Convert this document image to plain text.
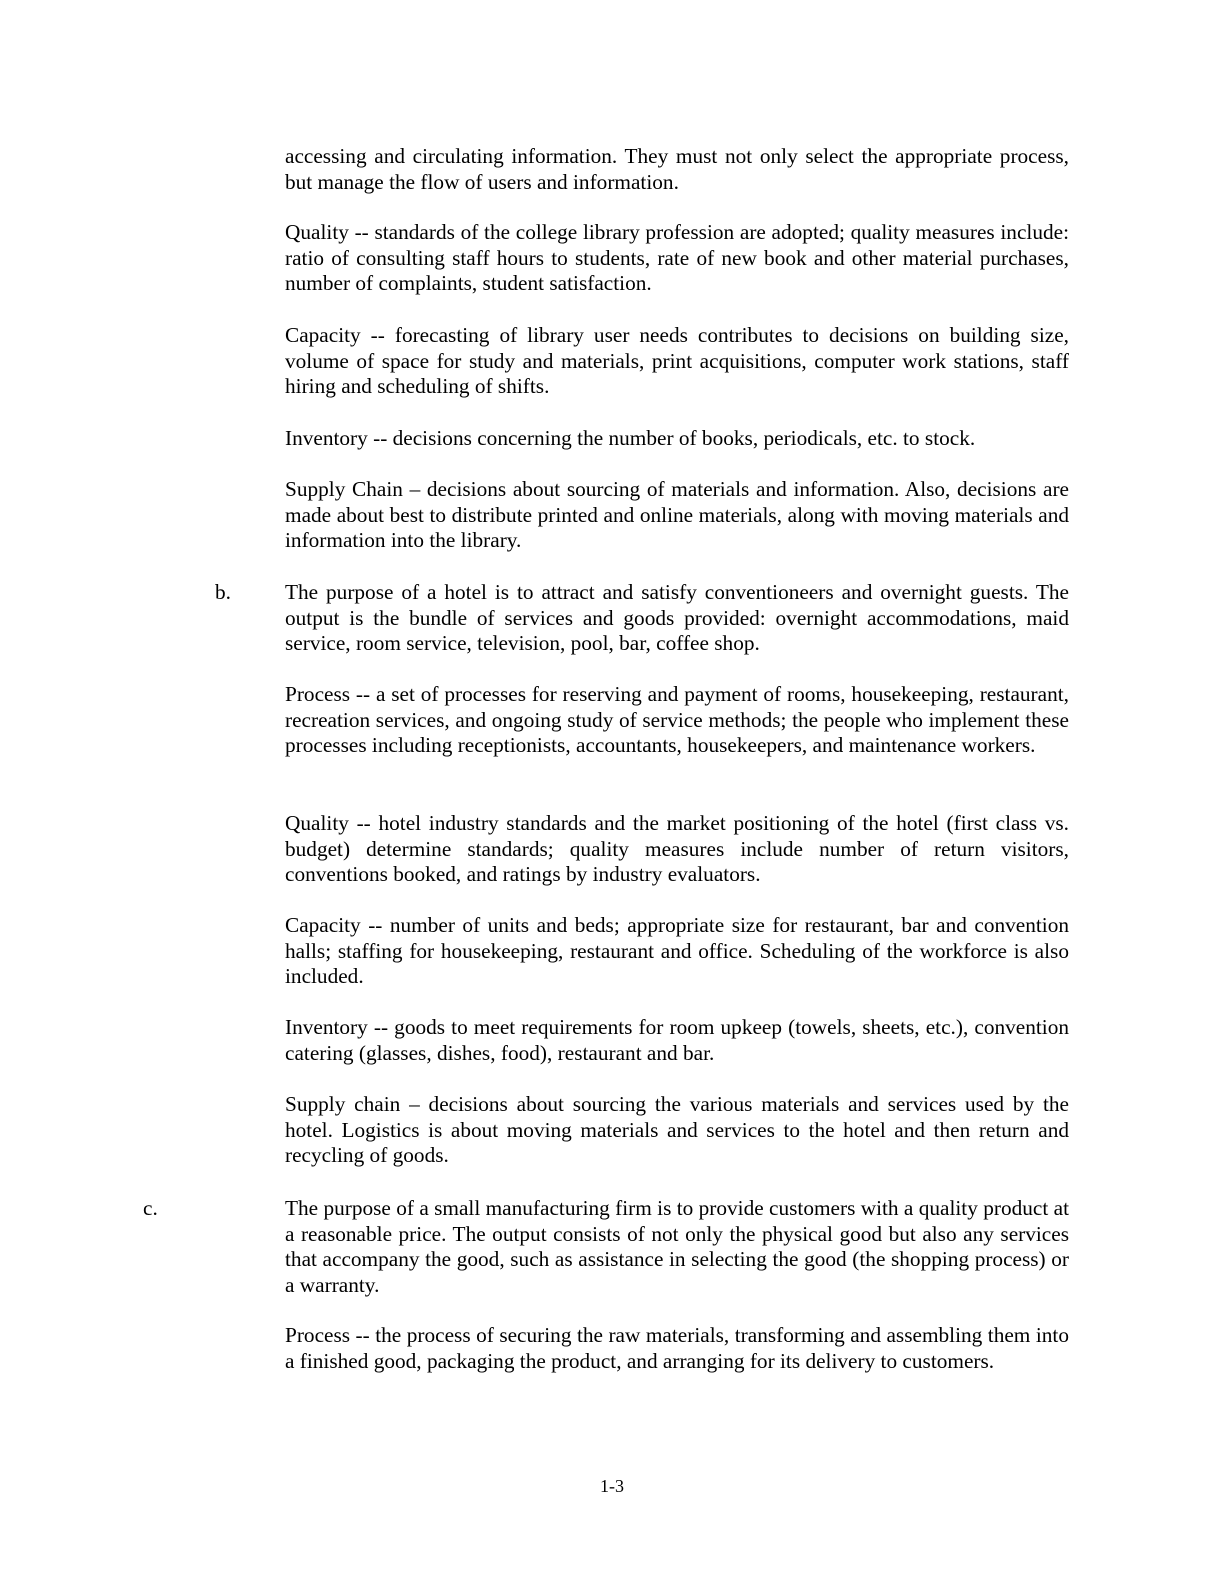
accessing and circulating information. They must not only select the appropriate process, but manage the flow of users and information.

Quality -- standards of the college library profession are adopted; quality measures include: ratio of consulting staff hours to students, rate of new book and other material purchases, number of complaints, student satisfaction.

Capacity -- forecasting of library user needs contributes to decisions on building size, volume of space for study and materials, print acquisitions, computer work stations, staff hiring and scheduling of shifts.

Inventory -- decisions concerning the number of books, periodicals, etc. to stock.

Supply Chain – decisions about sourcing of materials and information. Also, decisions are made about best to distribute printed and online materials, along with moving materials and information into the library.

b.	The purpose of a hotel is to attract and satisfy conventioneers and overnight guests. The output is the bundle of services and goods provided: overnight accommodations, maid service, room service, television, pool, bar, coffee shop.

Process -- a set of processes for reserving and payment of rooms, housekeeping, restaurant, recreation services, and ongoing study of service methods; the people who implement these processes including receptionists, accountants, housekeepers, and maintenance workers.

Quality -- hotel industry standards and the market positioning of the hotel (first class vs. budget) determine standards; quality measures include number of return visitors, conventions booked, and ratings by industry evaluators.

Capacity -- number of units and beds; appropriate size for restaurant, bar and convention halls; staffing for housekeeping, restaurant and office. Scheduling of the workforce is also included.

Inventory -- goods to meet requirements for room upkeep (towels, sheets, etc.), convention catering (glasses, dishes, food), restaurant and bar.

Supply chain – decisions about sourcing the various materials and services used by the hotel. Logistics is about moving materials and services to the hotel and then return and recycling of goods.

c.	The purpose of a small manufacturing firm is to provide customers with a quality product at a reasonable price. The output consists of not only the physical good but also any services that accompany the good, such as assistance in selecting the good (the shopping process) or a warranty.

Process -- the process of securing the raw materials, transforming and assembling them into a finished good, packaging the product, and arranging for its delivery to customers.

1-3
